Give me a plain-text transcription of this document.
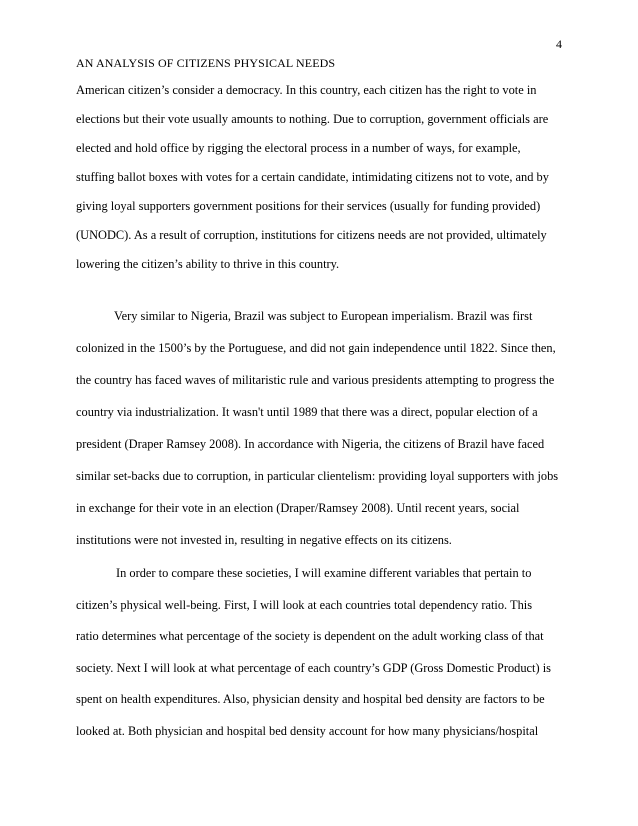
4
AN ANALYSIS OF CITIZENS PHYSICAL NEEDS
American citizen’s consider a democracy. In this country, each citizen has the right to vote in
elections but their vote usually amounts to nothing. Due to corruption, government officials are
elected and hold office by rigging the electoral process in a number of ways, for example,
stuffing ballot boxes with votes for a certain candidate, intimidating citizens not to vote, and by
giving loyal supporters government positions for their services (usually for funding provided)
(UNODC). As a result of corruption, institutions for citizens needs are not provided, ultimately
lowering the citizen’s ability to thrive in this country.
Very similar to Nigeria, Brazil was subject to European imperialism. Brazil was first
colonized in the 1500’s by the Portuguese, and did not gain independence until 1822. Since then,
the country has faced waves of militaristic rule and various presidents attempting to progress the
country via industrialization. It wasn't until 1989 that there was a direct, popular election of a
president (Draper Ramsey 2008). In accordance with Nigeria, the citizens of Brazil have faced
similar set-backs due to corruption, in particular clientelism: providing loyal supporters with jobs
in exchange for their vote in an election (Draper/Ramsey 2008). Until recent years, social
institutions were not invested in, resulting in negative effects on its citizens.
In order to compare these societies, I will examine different variables that pertain to
citizen’s physical well-being. First, I will look at each countries total dependency ratio. This
ratio determines what percentage of the society is dependent on the adult working class of that
society. Next I will look at what percentage of each country’s GDP (Gross Domestic Product) is
spent on health expenditures. Also, physician density and hospital bed density are factors to be
looked at. Both physician and hospital bed density account for how many physicians/hospital
